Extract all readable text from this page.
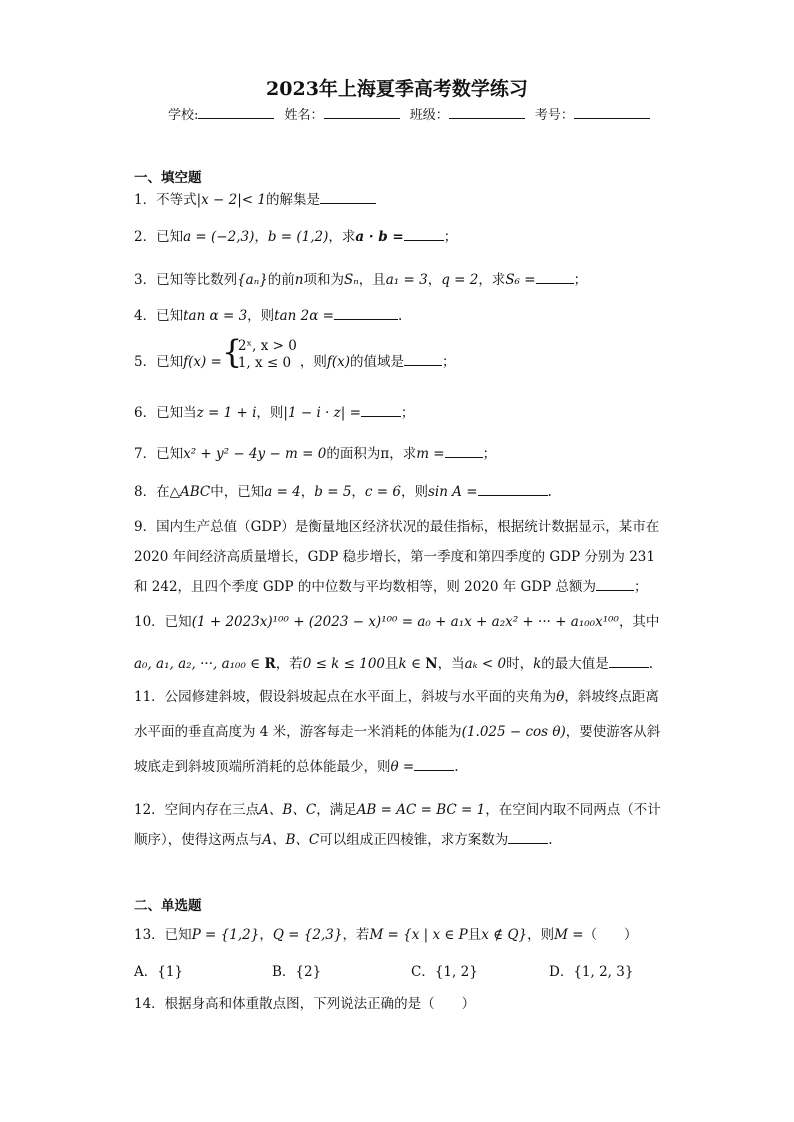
2023年上海夏季高考数学练习
学校:	姓名：	班级：	考号：
一、填空题
1．不等式|x − 2|< 1的解集是
2．已知a = (−2,3)，b = (1,2)，求a · b =	；
3．已知等比数列{aₙ}的前n项和为Sₙ，且a₁ = 3，q = 2，求S₆ =	；
4．已知tan α = 3，则tan 2α =	.
5．已知f(x) = {
2ˣ, x > 0
1, x ≤ 0 ，则f(x)的值域是	；
6．已知当z = 1 + i，则|1 − i · z| =	；
7．已知x² + y² − 4y − m = 0的面积为π，求m =	；
8．在△ABC中，已知a = 4，b = 5，c = 6，则sin A =	.
9．国内生产总值（GDP）是衡量地区经济状况的最佳指标，根据统计数据显示，某市在 2020 年间经济高质量增长，GDP 稳步增长，第一季度和第四季度的 GDP 分别为 231 和 242，且四个季度 GDP 的中位数与平均数相等，则 2020 年 GDP 总额为	；
10．已知(1 + 2023x)¹⁰⁰ + (2023 − x)¹⁰⁰ = a₀ + a₁x + a₂x² + ··· + a₁₀₀x¹⁰⁰，其中
a₀, a₁, a₂, ···, a₁₀₀ ∈ R，若0 ≤ k ≤ 100且k ∈ N，当aₖ < 0时，k的最大值是	.
11．公园修建斜坡，假设斜坡起点在水平面上，斜坡与水平面的夹角为θ，斜坡终点距离水平面的垂直高度为 4 米，游客每走一米消耗的体能为(1.025 − cos θ)，要使游客从斜坡底走到斜坡顶端所消耗的总体能最少，则θ =	.
12．空间内存在三点A、B、C，满足AB = AC = BC = 1，在空间内取不同两点（不计顺序），使得这两点与A、B、C可以组成正四棱锥，求方案数为	.
二、单选题
13．已知P = {1,2}，Q = {2,3}，若M = {x | x ∈ P且x ∉ Q}，则M =（　　）
A．{1}	B．{2}	C．{1, 2}	D．{1, 2, 3}
14．根据身高和体重散点图，下列说法正确的是（　　）
